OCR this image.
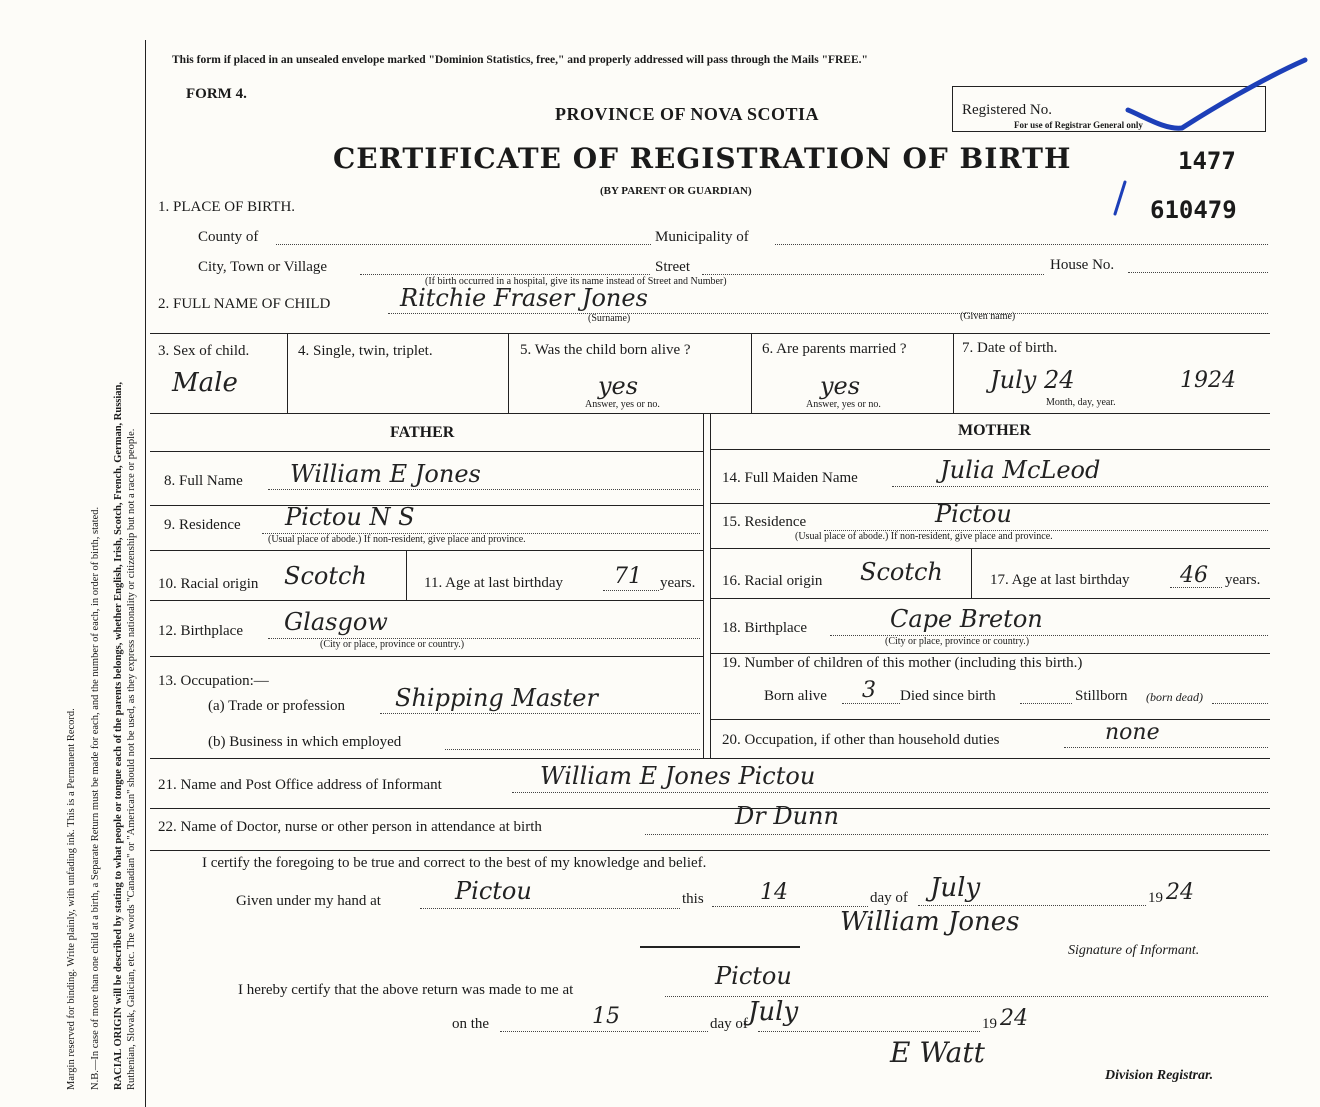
Margin reserved for binding. Write plainly, with unfading ink. This is a Permanent Record. N.B.—In case of more than one child at a birth, a Separate Return must be made for each, and the number of each, in order of birth, stated. RACIAL ORIGIN will be described by stating to what people or tongue each of the parents belongs, whether English, Irish, Scotch, French, German, Russian, Ruthenian, Slovak, Galician, etc. The words "Canadian" or "American" should not be used, as they express nationality or citizenship but not a race or people.
This form if placed in an unsealed envelope marked "Dominion Statistics, free," and properly addressed will pass through the Mails "FREE."
FORM 4.
PROVINCE OF NOVA SCOTIA
CERTIFICATE OF REGISTRATION OF BIRTH
(BY PARENT OR GUARDIAN)
Registered No.
For use of Registrar General only
1477
610479
1. PLACE OF BIRTH.
County of	Municipality of
City, Town or Village	Street	House No.
(If birth occurred in a hospital, give its name instead of Street and Number)
2. FULL NAME OF CHILD	Ritchie Fraser Jones
(Surname)	(Given name)
3. Sex of child.
Male
4. Single, twin, triplet.	5. Was the child born alive ?
yes
Answer, yes or no.
6. Are parents married ?
yes
Answer, yes or no.
7. Date of birth.
July 24	1924
Month, day, year.
FATHER	MOTHER
8. Full Name William E Jones
9. Residence Pictou N S
(Usual place of abode.) If non-resident, give place and province.
10. Racial origin Scotch	11. Age at last birthday 71 years.
12. Birthplace Glasgow
(City or place, province or country.)
13. Occupation:—
(a) Trade or profession Shipping Master
(b) Business in which employed
14. Full Maiden Name	Julia McLeod
15. Residence	Pictou
(Usual place of abode.) If non-resident, give place and province.
16. Racial origin Scotch	17. Age at last birthday 46 years.
18. Birthplace	Cape Breton
(City or place, province or country.)
19. Number of children of this mother (including this birth.)
Born alive 3 Died since birth	Stillborn (born dead)
20. Occupation, if other than household duties	none
21. Name and Post Office address of Informant	William E Jones Pictou
22. Name of Doctor, nurse or other person in attendance at birth	Dr Dunn
I certify the foregoing to be true and correct to the best of my knowledge and belief.
Given under my hand at	Pictou	this	14	day of July	19 24
William Jones
Signature of Informant.
I hereby certify that the above return was made to me at	Pictou
on the	15	day of July	19 24
E Watt
Division Registrar.
